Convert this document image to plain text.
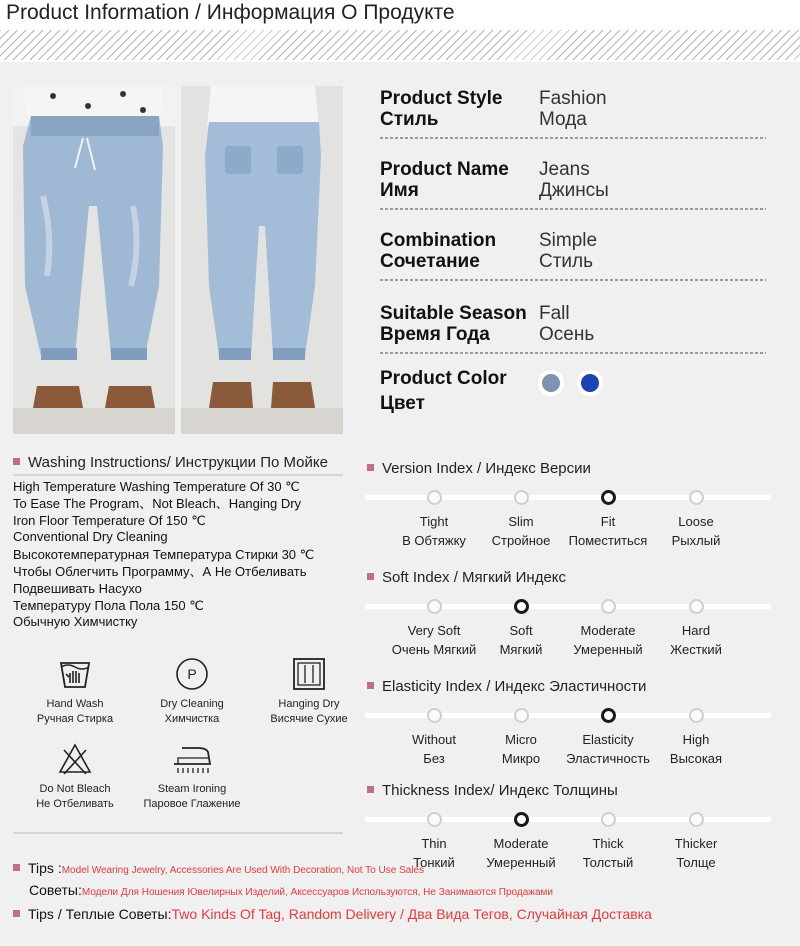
Product Information / Информация О Продукте
Product Style
Стиль
Fashion
Мода
Product Name
Имя
Jeans
Джинсы
Combination
Сочетание
Simple
Стиль
Suitable Season
Время Года
Fall
Осень
Product Color
Цвет
Washing Instructions/ Инструкции По Мойке
High Temperature Washing Temperature Of 30 ℃
To Ease The Program、Not Bleach、Hanging Dry
Iron Floor Temperature Of 150 ℃
Conventional Dry Cleaning
Высокотемпературная Температура Стирки 30 ℃
Чтобы Облегчить Программу、А Не Отбеливать
Подвешивать Насухо
Температуру Пола Пола 150 ℃
Обычную Химчистку
Hand Wash
Ручная Стирка
P
Dry Cleaning
Химчистка
Hanging Dry
Висячие Сухие
Do Not Bleach
Не Отбеливать
Steam Ironing
Паровое Глажение
Version Index / Индекс Версии
Tight
В Обтяжку
Slim
Стройное
Fit
Поместиться
Loose
Рыхлый
Soft Index / Мягкий Индекс
Very Soft
Очень Мягкий
Soft
Мягкий
Moderate
Умеренный
Hard
Жесткий
Elasticity Index / Индекс Эластичности
Without
Без
Micro
Микро
Elasticity
Эластичность
High
Высокая
Thickness Index/ Индекс Толщины
Thin
Тонкий
Moderate
Умеренный
Thick
Толстый
Thicker
Толще
Tips :Model Wearing Jewelry, Accessories Are Used With Decoration, Not To Use Sales
Советы:Модели Для Ношения Ювелирных Изделий, Аксессуаров Используются, Не Занимаются Продажами
Tips / Теплые Советы:Two Kinds Of Tag, Random Delivery / Два Вида Тегов, Случайная Доставка
